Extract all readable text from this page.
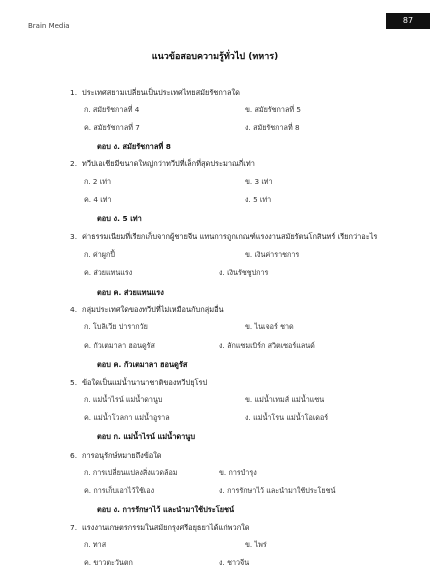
Brain Media
87
แนวข้อสอบความรู้ทั่วไป (ทหาร)
1. ประเทศสยามเปลี่ยนเป็นประเทศไทยสมัยรัชกาลใด
ก. สมัยรัชกาลที่ 4	ข. สมัยรัชกาลที่ 5
ค. สมัยรัชกาลที่ 7	ง. สมัยรัชกาลที่ 8
ตอบ ง. สมัยรัชกาลที่ 8
2. ทวีปเอเชียมีขนาดใหญ่กว่าทวีปที่เล็กที่สุดประมาณกี่เท่า
ก. 2 เท่า	ข. 3 เท่า
ค. 4 เท่า	ง. 5 เท่า
ตอบ ง. 5 เท่า
3. ค่าธรรมเนียมที่เรียกเก็บจากผู้ชายจีน แทนการถูกเกณฑ์แรงงานสมัยรัตนโกสินทร์ เรียกว่าอะไร
ก. ค่าผูกปี้	ข. เงินค่าราชการ
ค. ส่วยแทนแรง	ง. เงินรัชชูปการ
ตอบ ค. ส่วยแทนแรง
4. กลุ่มประเทศใดของทวีปที่ไม่เหมือนกับกลุ่มอื่น
ก. โบลิเวีย ปารากวัย	ข. ไนเจอร์ ชาด
ค. กัวเตมาลา ฮอนดูรัส	ง. ลักแซมเบิร์ก สวิตเซอร์แลนด์
ตอบ ค. กัวเตมาลา ฮอนดูรัส
5. ข้อใดเป็นแม่น้ำนานาชาติของทวีปยุโรป
ก. แม่น้ำไรน์ แม่น้ำดานูบ	ข. แม่น้ำเทมส์ แม่น้ำแซน
ค. แม่น้ำโวลกา แม่น้ำอูราล	ง. แม่น้ำโรน แม่น้ำโอเดอร์
ตอบ ก. แม่น้ำไรน์ แม่น้ำดานูบ
6. การอนุรักษ์หมายถึงข้อใด
ก. การเปลี่ยนแปลงสิ่งแวดล้อม	ข. การบำรุง
ค. การเก็บเอาไว้ใช้เอง	ง. การรักษาไว้ และนำมาใช้ประโยชน์
ตอบ ง. การรักษาไว้ และนำมาใช้ประโยชน์
7. แรงงานเกษตรกรรมในสมัยกรุงศรีอยุธยาได้แก่พวกใด
ก. ทาส	ข. ไพร่
ค. ขาวตะวันตก	ง. ชาวจีน
